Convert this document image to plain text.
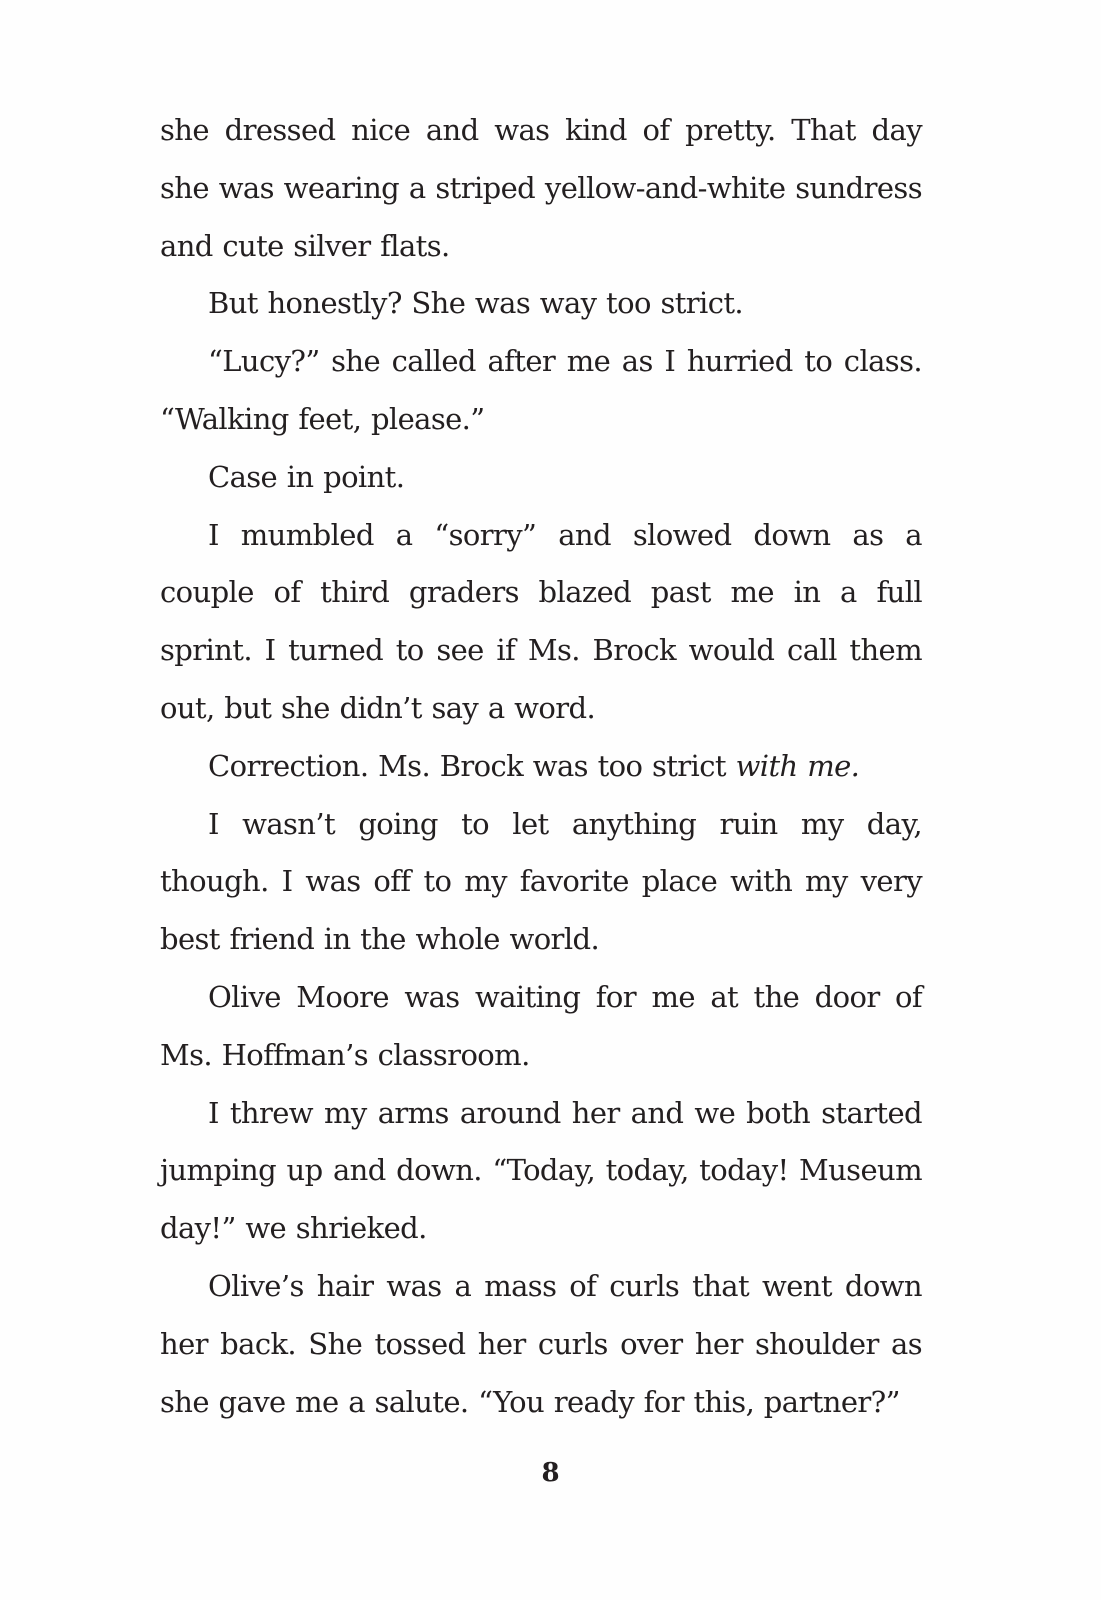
she dressed nice and was kind of pretty. That day she was wearing a striped yellow-and-white sundress and cute silver flats.

But honestly? She was way too strict.

“Lucy?” she called after me as I hurried to class. “Walking feet, please.”

Case in point.

I mumbled a “sorry” and slowed down as a couple of third graders blazed past me in a full sprint. I turned to see if Ms. Brock would call them out, but she didn’t say a word.

Correction. Ms. Brock was too strict with me.

I wasn’t going to let anything ruin my day, though. I was off to my favorite place with my very best friend in the whole world.

Olive Moore was waiting for me at the door of Ms. Hoffman’s classroom.

I threw my arms around her and we both started jumping up and down. “Today, today, today! Museum day!” we shrieked.

Olive’s hair was a mass of curls that went down her back. She tossed her curls over her shoulder as she gave me a salute. “You ready for this, partner?”

8
